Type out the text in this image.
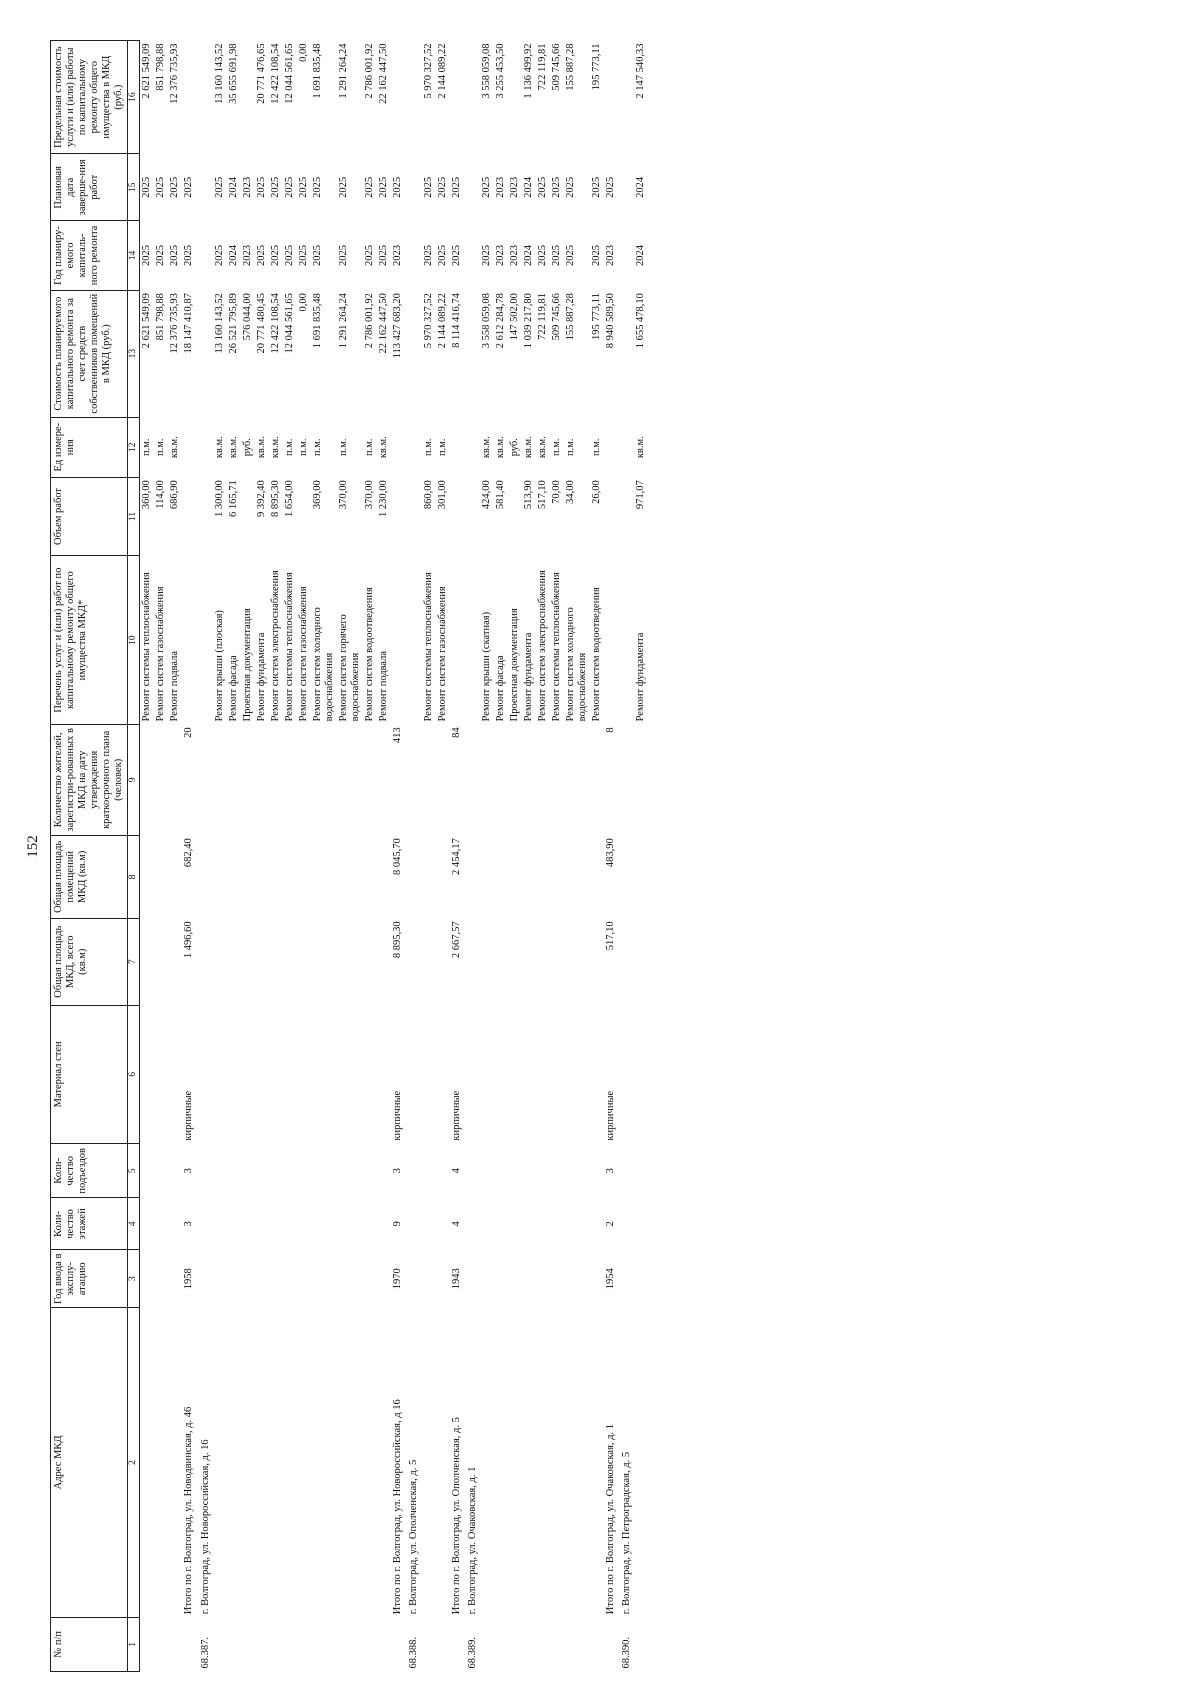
152
№ п/п	Адрес МКД	Год ввода в эксплу-атацию	Коли-чество этажей	Коли-чество подъездов	Материал стен	Общая площадь МКД, всего (кв.м)	Общая площадь помещений МКД (кв.м)	Количество жителей, зарегистри-рованных в МКД на дату утверждения краткосрочного плана (человек)	Перечень услуг и (или) работ по капитальному ремонту общего имущества МКД*	Объем работ	Ед измере-ния	Стоимость планируемого капитального ремонта за счет средств собственников помещений в МКД (руб.)	Год планиру-емого капиталь-ного ремонта	Плановая дата заверше-ния работ	Предельная стоимость услуги и (или) работы по капитальному ремонту общего имущества в МКД (руб.)
1	2	3	4	5	6	7	8	9	10	11	12	13	14	15	16
									Ремонт системы теплоснабжения	360,00	п.м.	2 621 549,09	2025	2025	2 621 549,09
									Ремонт систем газоснабжения	114,00	п.м.	851 798,88	2025	2025	851 798,88
									Ремонт подвала	686,90	кв.м.	12 376 735,93	2025	2025	12 376 735,93
	Итого по г. Волгоград, ул. Новодвинская, д. 46	1958	3	3	кирпичные	1 496,60	682,40	20				18 147 410,87	2025	2025	
68.387.	г. Волгоград, ул. Новороссийская, д. 16														
									Ремонт крыши (плоская)	1 300,00	кв.м.	13 160 143,52	2025	2025	13 160 143,52
									Ремонт фасада	6 165,71	кв.м.	26 521 795,89	2024	2024	35 655 691,98
									Проектная документация		руб.	576 044,00	2023	2023	
									Ремонт фундамента	9 392,40	кв.м.	20 771 480,45	2025	2025	20 771 476,65
									Ремонт систем электроснабжения	8 895,30	кв.м.	12 422 108,54	2025	2025	12 422 108,54
									Ремонт системы теплоснабжения	1 654,00	п.м.	12 044 561,65	2025	2025	12 044 561,65
									Ремонт систем газоснабжения		п.м.	0,00	2025	2025	0,00
									Ремонт систем холодного водоснабжения	369,00	п.м.	1 691 835,48	2025	2025	1 691 835,48
									Ремонт систем горячего водоснабжения	370,00	п.м.	1 291 264,24	2025	2025	1 291 264,24
									Ремонт систем водоотведения	370,00	п.м.	2 786 001,92	2025	2025	2 786 001,92
									Ремонт подвала	1 230,00	кв.м.	22 162 447,50	2025	2025	22 162 447,50
	Итого по г. Волгоград, ул. Новороссийская, д 16	1970	9	3	кирпичные	8 895,30	8 045,70	413				113 427 683,20	2023	2025	
68.388.	г. Волгоград, ул. Ополченская, д. 5														
									Ремонт системы теплоснабжения	860,00	п.м.	5 970 327,52	2025	2025	5 970 327,52
									Ремонт систем газоснабжения	301,00	п.м.	2 144 089,22	2025	2025	2 144 089,22
	Итого по г. Волгоград, ул. Ополченская, д. 5	1943	4	4	кирпичные	2 667,57	2 454,17	84				8 114 416,74	2025	2025	
68.389.	г. Волгоград, ул. Очаковская, д. 1														
									Ремонт крыши (скатная)	424,00	кв.м.	3 558 059,08	2025	2025	3 558 059,08
									Ремонт фасада	581,40	кв.м.	2 612 284,78	2023	2023	3 255 453,50
									Проектная документация		руб.	147 502,00	2023	2023	
									Ремонт фундамента	513,90	кв.м.	1 039 217,80	2024	2024	1 136 499,92
									Ремонт систем электроснабжения	517,10	кв.м.	722 119,81	2025	2025	722 119,81
									Ремонт системы теплоснабжения	70,00	п.м.	509 745,66	2025	2025	509 745,66
									Ремонт систем холодного водоснабжения	34,00	п.м.	155 887,28	2025	2025	155 887,28
									Ремонт систем водоотведения	26,00	п.м.	195 773,11	2025	2025	195 773,11
	Итого по г. Волгоград, ул. Очаковская, д. 1	1954	2	3	кирпичные	517,10	483,90	8				8 940 589,50	2023	2025	
68.390.	г. Волгоград, ул. Петроградская, д. 5														
									Ремонт фундамента	971,07	кв.м.	1 655 478,10	2024	2024	2 147 540,33
